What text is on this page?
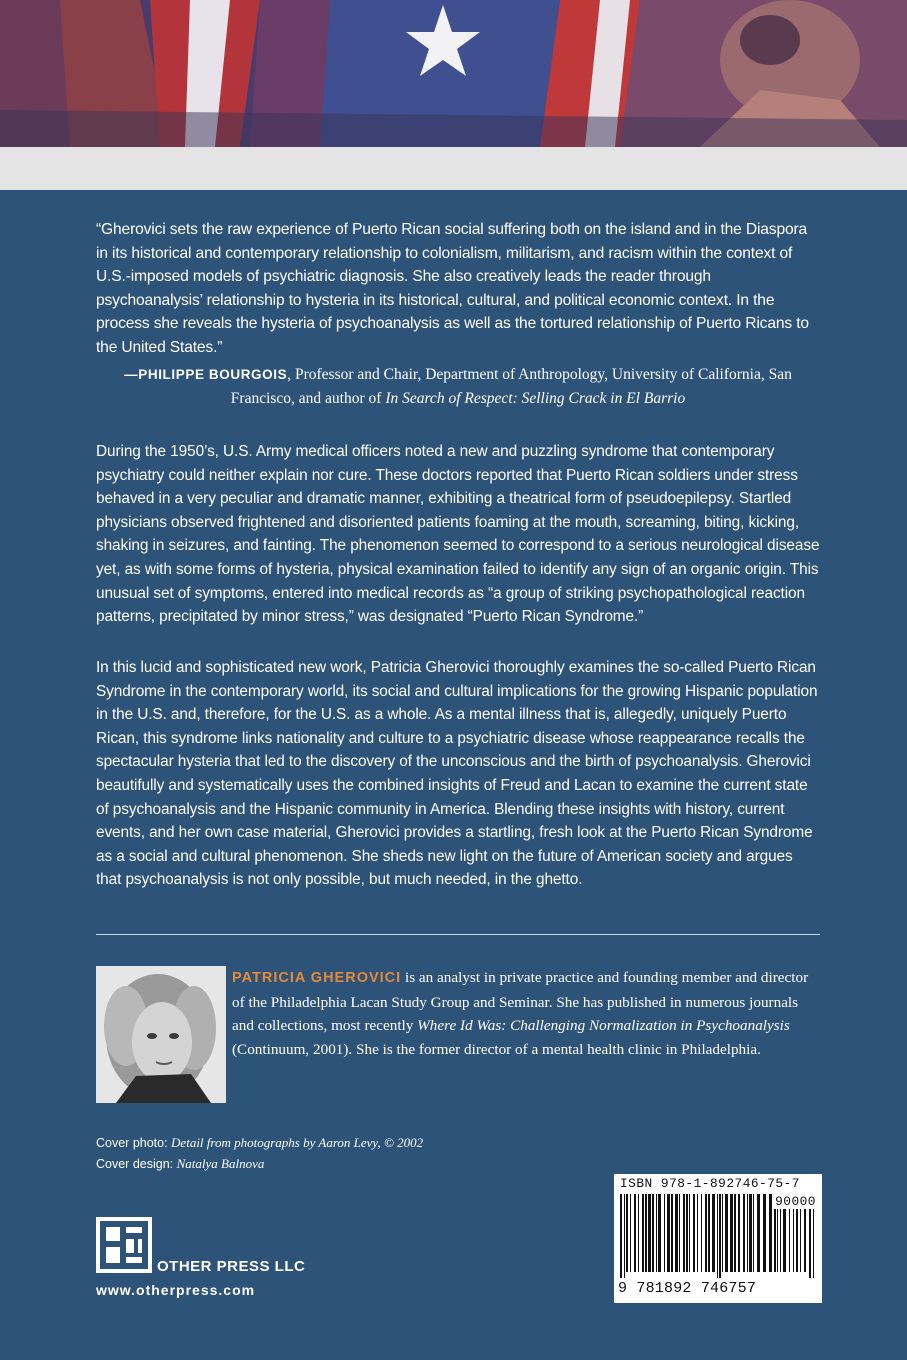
“Gherovici sets the raw experience of Puerto Rican social suffering both on the island and in the Diaspora in its historical and contemporary relationship to colonialism, militarism, and racism within the context of U.S.-imposed models of psychiatric diagnosis. She also creatively leads the reader through psychoanalysis’ relationship to hysteria in its historical, cultural, and political economic context. In the process she reveals the hysteria of psychoanalysis as well as the tortured relationship of Puerto Ricans to the United States.”

—PHILIPPE BOURGOIS, Professor and Chair, Department of Anthropology, University of California, San Francisco, and author of In Search of Respect: Selling Crack in El Barrio

During the 1950’s, U.S. Army medical officers noted a new and puzzling syndrome that contemporary psychiatry could neither explain nor cure. These doctors reported that Puerto Rican soldiers under stress behaved in a very peculiar and dramatic manner, exhibiting a theatrical form of pseudoepilepsy. Startled physicians observed frightened and disoriented patients foaming at the mouth, screaming, biting, kicking, shaking in seizures, and fainting. The phenomenon seemed to correspond to a serious neurological disease yet, as with some forms of hysteria, physical examination failed to identify any sign of an organic origin. This unusual set of symptoms, entered into medical records as “a group of striking psychopathological reaction patterns, precipitated by minor stress,” was designated “Puerto Rican Syndrome.”

In this lucid and sophisticated new work, Patricia Gherovici thoroughly examines the so-called Puerto Rican Syndrome in the contemporary world, its social and cultural implications for the growing Hispanic population in the U.S. and, therefore, for the U.S. as a whole. As a mental illness that is, allegedly, uniquely Puerto Rican, this syndrome links nationality and culture to a psychiatric disease whose reappearance recalls the spectacular hysteria that led to the discovery of the unconscious and the birth of psychoanalysis. Gherovici beautifully and systematically uses the combined insights of Freud and Lacan to examine the current state of psychoanalysis and the Hispanic community in America. Blending these insights with history, current events, and her own case material, Gherovici provides a startling, fresh look at the Puerto Rican Syndrome as a social and cultural phenomenon. She sheds new light on the future of American society and argues that psychoanalysis is not only possible, but much needed, in the ghetto.

PATRICIA GHEROVICI is an analyst in private practice and founding member and director of the Philadelphia Lacan Study Group and Seminar. She has published in numerous journals and collections, most recently Where Id Was: Challenging Normalization in Psychoanalysis (Continuum, 2001). She is the former director of a mental health clinic in Philadelphia.

Cover photo: Detail from photographs by Aaron Levy, © 2002
Cover design: Natalya Balnova
OTHER PRESS LLC
www.otherpress.com
ISBN 978-1-892746-75-7
90000
9 781892 746757
